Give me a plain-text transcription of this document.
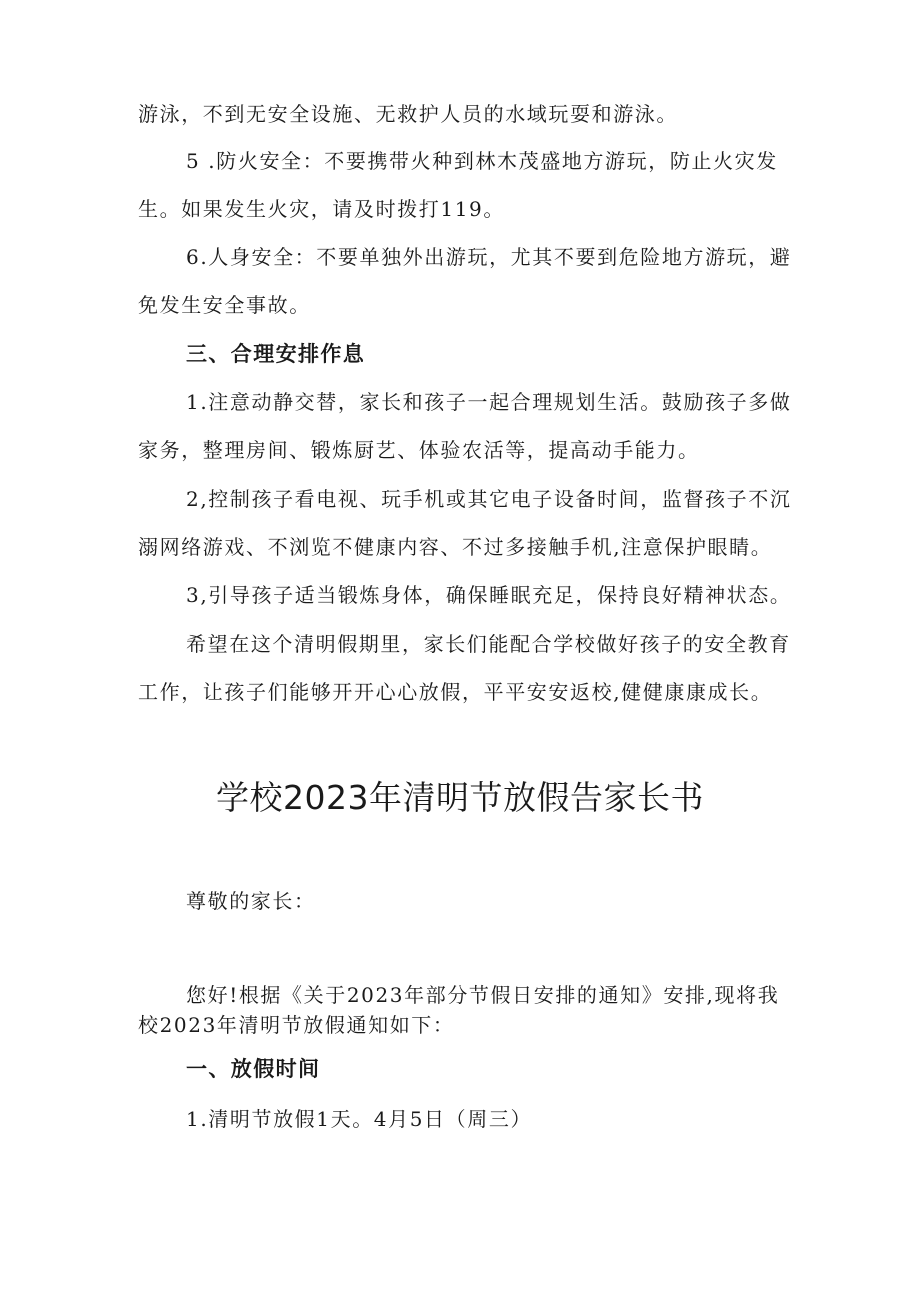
游泳，不到无安全设施、无救护人员的水域玩耍和游泳。
5 .防火安全：不要携带火种到林木茂盛地方游玩，防止火灾发
生。如果发生火灾，请及时拨打119。
6.人身安全：不要单独外出游玩，尤其不要到危险地方游玩，避
免发生安全事故。
三、合理安排作息
1.注意动静交替，家长和孩子一起合理规划生活。鼓励孩子多做
家务，整理房间、锻炼厨艺、体验农活等，提高动手能力。
2,控制孩子看电视、玩手机或其它电子设备时间，监督孩子不沉
溺网络游戏、不浏览不健康内容、不过多接触手机,注意保护眼睛。
3,引导孩子适当锻炼身体，确保睡眠充足，保持良好精神状态。
希望在这个清明假期里，家长们能配合学校做好孩子的安全教育
工作，让孩子们能够开开心心放假，平平安安返校,健健康康成长。
学校2023年清明节放假告家长书
尊敬的家长：
您好!根据《关于2023年部分节假日安排的通知》安排,现将我
校2023年清明节放假通知如下：
一、放假时间
1.清明节放假1天。4月5日（周三）
